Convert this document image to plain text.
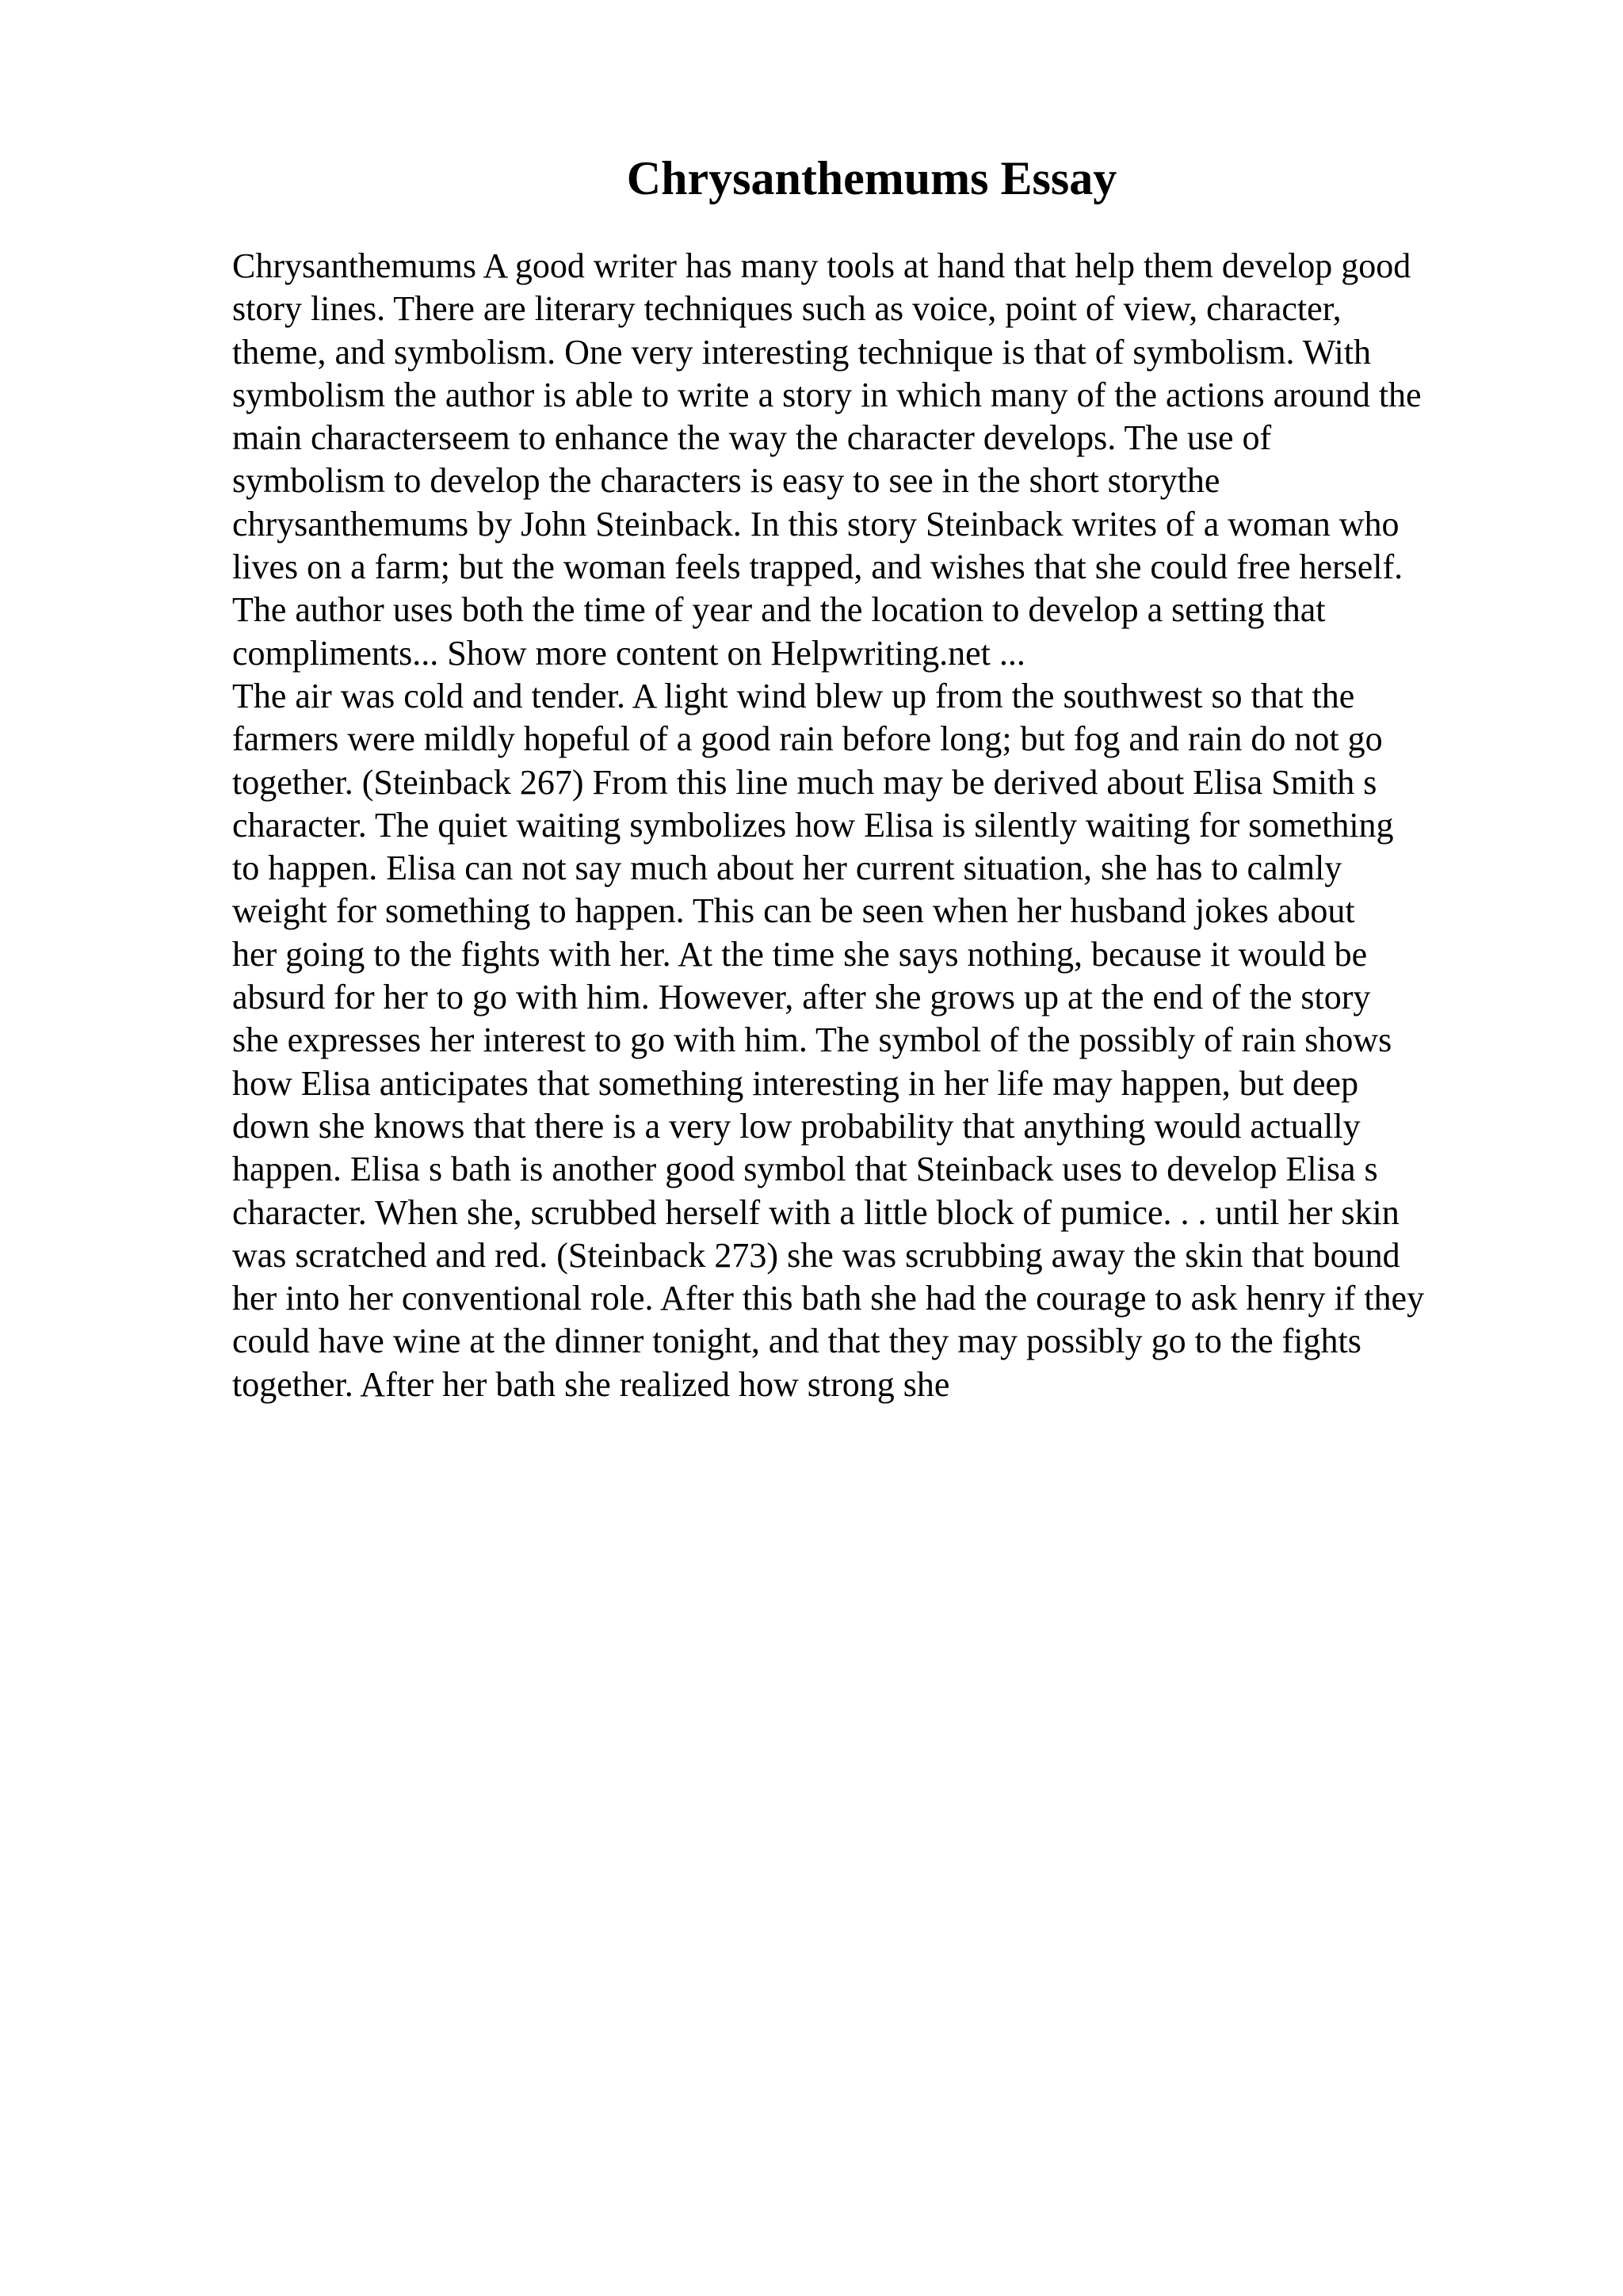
Chrysanthemums Essay
Chrysanthemums A good writer has many tools at hand that help them develop good
story lines. There are literary techniques such as voice, point of view, character,
theme, and symbolism. One very interesting technique is that of symbolism. With
symbolism the author is able to write a story in which many of the actions around the
main characterseem to enhance the way the character develops. The use of
symbolism to develop the characters is easy to see in the short storythe
chrysanthemums by John Steinback. In this story Steinback writes of a woman who
lives on a farm; but the woman feels trapped, and wishes that she could free herself.
The author uses both the time of year and the location to develop a setting that
compliments... Show more content on Helpwriting.net ...
The air was cold and tender. A light wind blew up from the southwest so that the
farmers were mildly hopeful of a good rain before long; but fog and rain do not go
together. (Steinback 267) From this line much may be derived about Elisa Smith s
character. The quiet waiting symbolizes how Elisa is silently waiting for something
to happen. Elisa can not say much about her current situation, she has to calmly
weight for something to happen. This can be seen when her husband jokes about
her going to the fights with her. At the time she says nothing, because it would be
absurd for her to go with him. However, after she grows up at the end of the story
she expresses her interest to go with him. The symbol of the possibly of rain shows
how Elisa anticipates that something interesting in her life may happen, but deep
down she knows that there is a very low probability that anything would actually
happen. Elisa s bath is another good symbol that Steinback uses to develop Elisa s
character. When she, scrubbed herself with a little block of pumice. . . until her skin
was scratched and red. (Steinback 273) she was scrubbing away the skin that bound
her into her conventional role. After this bath she had the courage to ask henry if they
could have wine at the dinner tonight, and that they may possibly go to the fights
together. After her bath she realized how strong she
